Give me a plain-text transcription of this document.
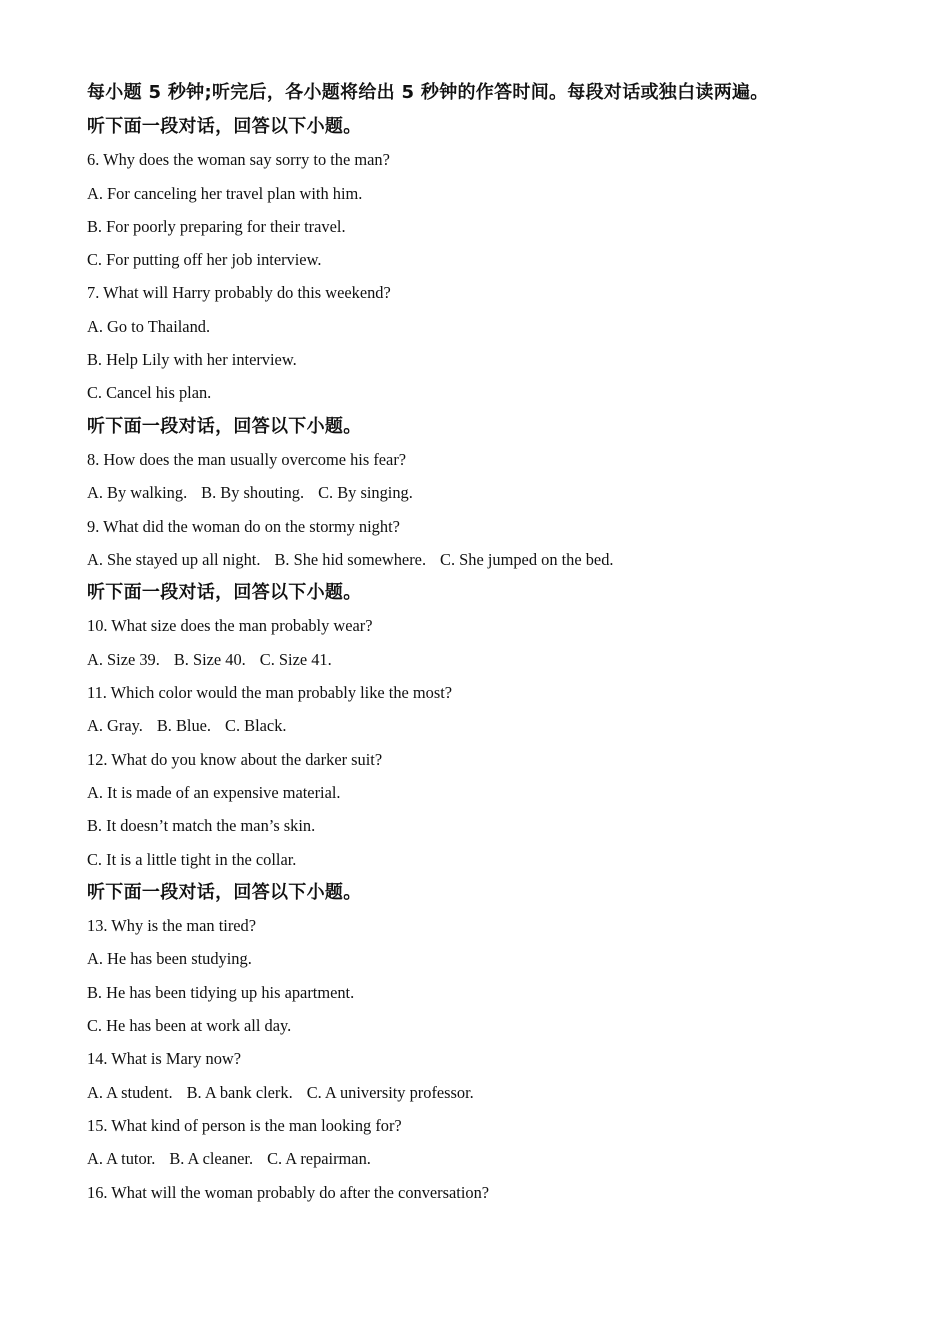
每小题 5 秒钟;听完后，各小题将给出 5 秒钟的作答时间。每段对话或独白读两遍。
听下面一段对话，回答以下小题。
6. Why does the woman say sorry to the man?
A. For canceling her travel plan with him.
B. For poorly preparing for their travel.
C. For putting off her job interview.
7. What will Harry probably do this weekend?
A. Go to Thailand.
B. Help Lily with her interview.
C. Cancel his plan.
听下面一段对话，回答以下小题。
8. How does the man usually overcome his fear?
A. By walking. B. By shouting. C. By singing.
9. What did the woman do on the stormy night?
A. She stayed up all night. B. She hid somewhere. C. She jumped on the bed.
听下面一段对话，回答以下小题。
10. What size does the man probably wear?
A. Size 39. B. Size 40. C. Size 41.
11. Which color would the man probably like the most?
A. Gray. B. Blue. C. Black.
12. What do you know about the darker suit?
A. It is made of an expensive material.
B. It doesn’t match the man’s skin.
C. It is a little tight in the collar.
听下面一段对话，回答以下小题。
13. Why is the man tired?
A. He has been studying.
B. He has been tidying up his apartment.
C. He has been at work all day.
14. What is Mary now?
A. A student. B. A bank clerk. C. A university professor.
15. What kind of person is the man looking for?
A. A tutor. B. A cleaner. C. A repairman.
16. What will the woman probably do after the conversation?
